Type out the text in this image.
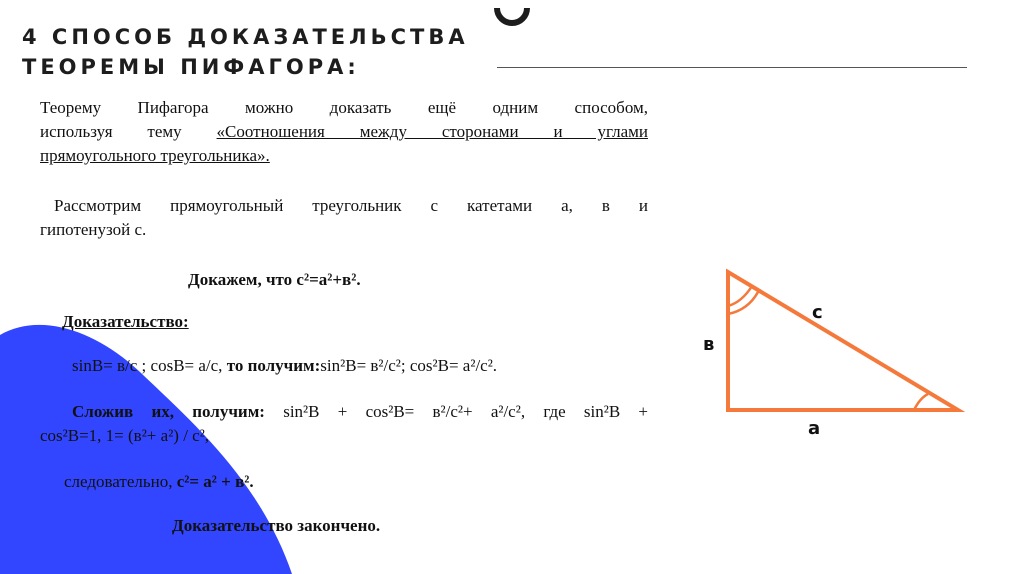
4 СПОСОБ ДОКАЗАТЕЛЬСТВА
ТЕОРЕМЫ ПИФАГОРА:

Теорему Пифагора можно доказать ещё одним способом,

используя тему «Соотношения между сторонами и углами

прямоугольного треугольника».

Рассмотрим прямоугольный треугольник с катетами а, в и

гипотенузой с.

Докажем, что с²=а²+в².

Доказательство:

sinB= в/с ; cosB= а/с, то получим:sin²B= в²/с²; cos²B= а²/с².

Сложив их, получим: sin²B + cos²B= в²/с²+ а²/с², где sin²B +

cos²B=1, 1= (в²+ а²) / с²,

следовательно, с²= а² + в².

Доказательство закончено.

в
с
а
